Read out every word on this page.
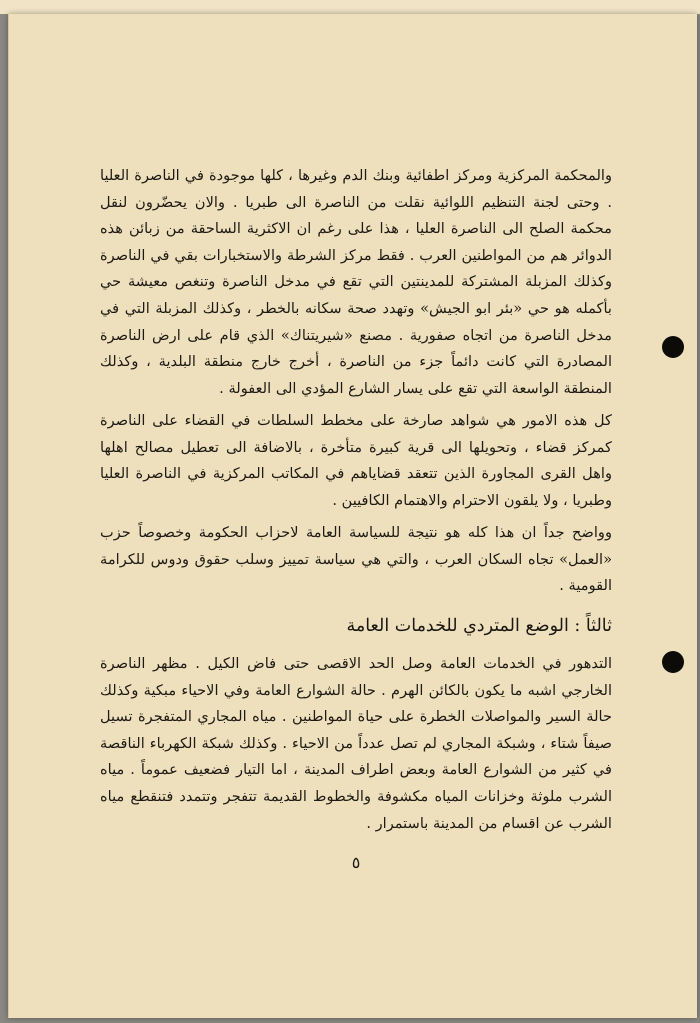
والمحكمة المركزية ومركز اطفائية وبنك الدم وغيرها ، كلها موجودة في الناصرة العليا . وحتى لجنة التنظيم اللوائية نقلت من الناصرة الى طبريا . والان يحضّرون لنقل محكمة الصلح الى الناصرة العليا ، هذا على رغم ان الاكثرية الساحقة من زبائن هذه الدوائر هم من المواطنين العرب . فقط مركز الشرطة والاستخبارات بقي في الناصرة وكذلك المزبلة المشتركة للمدينتين التي تقع في مدخل الناصرة وتنغص معيشة حي بأكمله هو حي «بئر ابو الجيش» وتهدد صحة سكانه بالخطر ، وكذلك المزبلة التي في مدخل الناصرة من اتجاه صفورية . مصنع «شيريتناك» الذي قام على ارض الناصرة المصادرة التي كانت دائماً جزء من الناصرة ، أخرج خارج منطقة البلدية ، وكذلك المنطقة الواسعة التي تقع على يسار الشارع المؤدي الى العفولة .
كل هذه الامور هي شواهد صارخة على مخطط السلطات في القضاء على الناصرة كمركز قضاء ، وتحويلها الى قرية كبيرة متأخرة ، بالاضافة الى تعطيل مصالح اهلها واهل القرى المجاورة الذين تتعقد قضاياهم في المكاتب المركزية في الناصرة العليا وطبريا ، ولا يلقون الاحترام والاهتمام الكافيين .
وواضح جداً ان هذا كله هو نتيجة للسياسة العامة لاحزاب الحكومة وخصوصاً حزب «العمل» تجاه السكان العرب ، والتي هي سياسة تمييز وسلب حقوق ودوس للكرامة القومية .
ثالثاً : الوضع المتردي للخدمات العامة
التدهور في الخدمات العامة وصل الحد الاقصى حتى فاض الكيل . مظهر الناصرة الخارجي اشبه ما يكون بالكائن الهرم . حالة الشوارع العامة وفي الاحياء مبكية وكذلك حالة السير والمواصلات الخطرة على حياة المواطنين . مياه المجاري المتفجرة تسيل صيفاً شتاء ، وشبكة المجاري لم تصل عدداً من الاحياء . وكذلك شبكة الكهرباء الناقصة في كثير من الشوارع العامة وبعض اطراف المدينة ، اما التيار فضعيف عموماً . مياه الشرب ملوثة وخزانات المياه مكشوفة والخطوط القديمة تتفجر وتتمدد فتنقطع مياه الشرب عن اقسام من المدينة باستمرار .
٥
